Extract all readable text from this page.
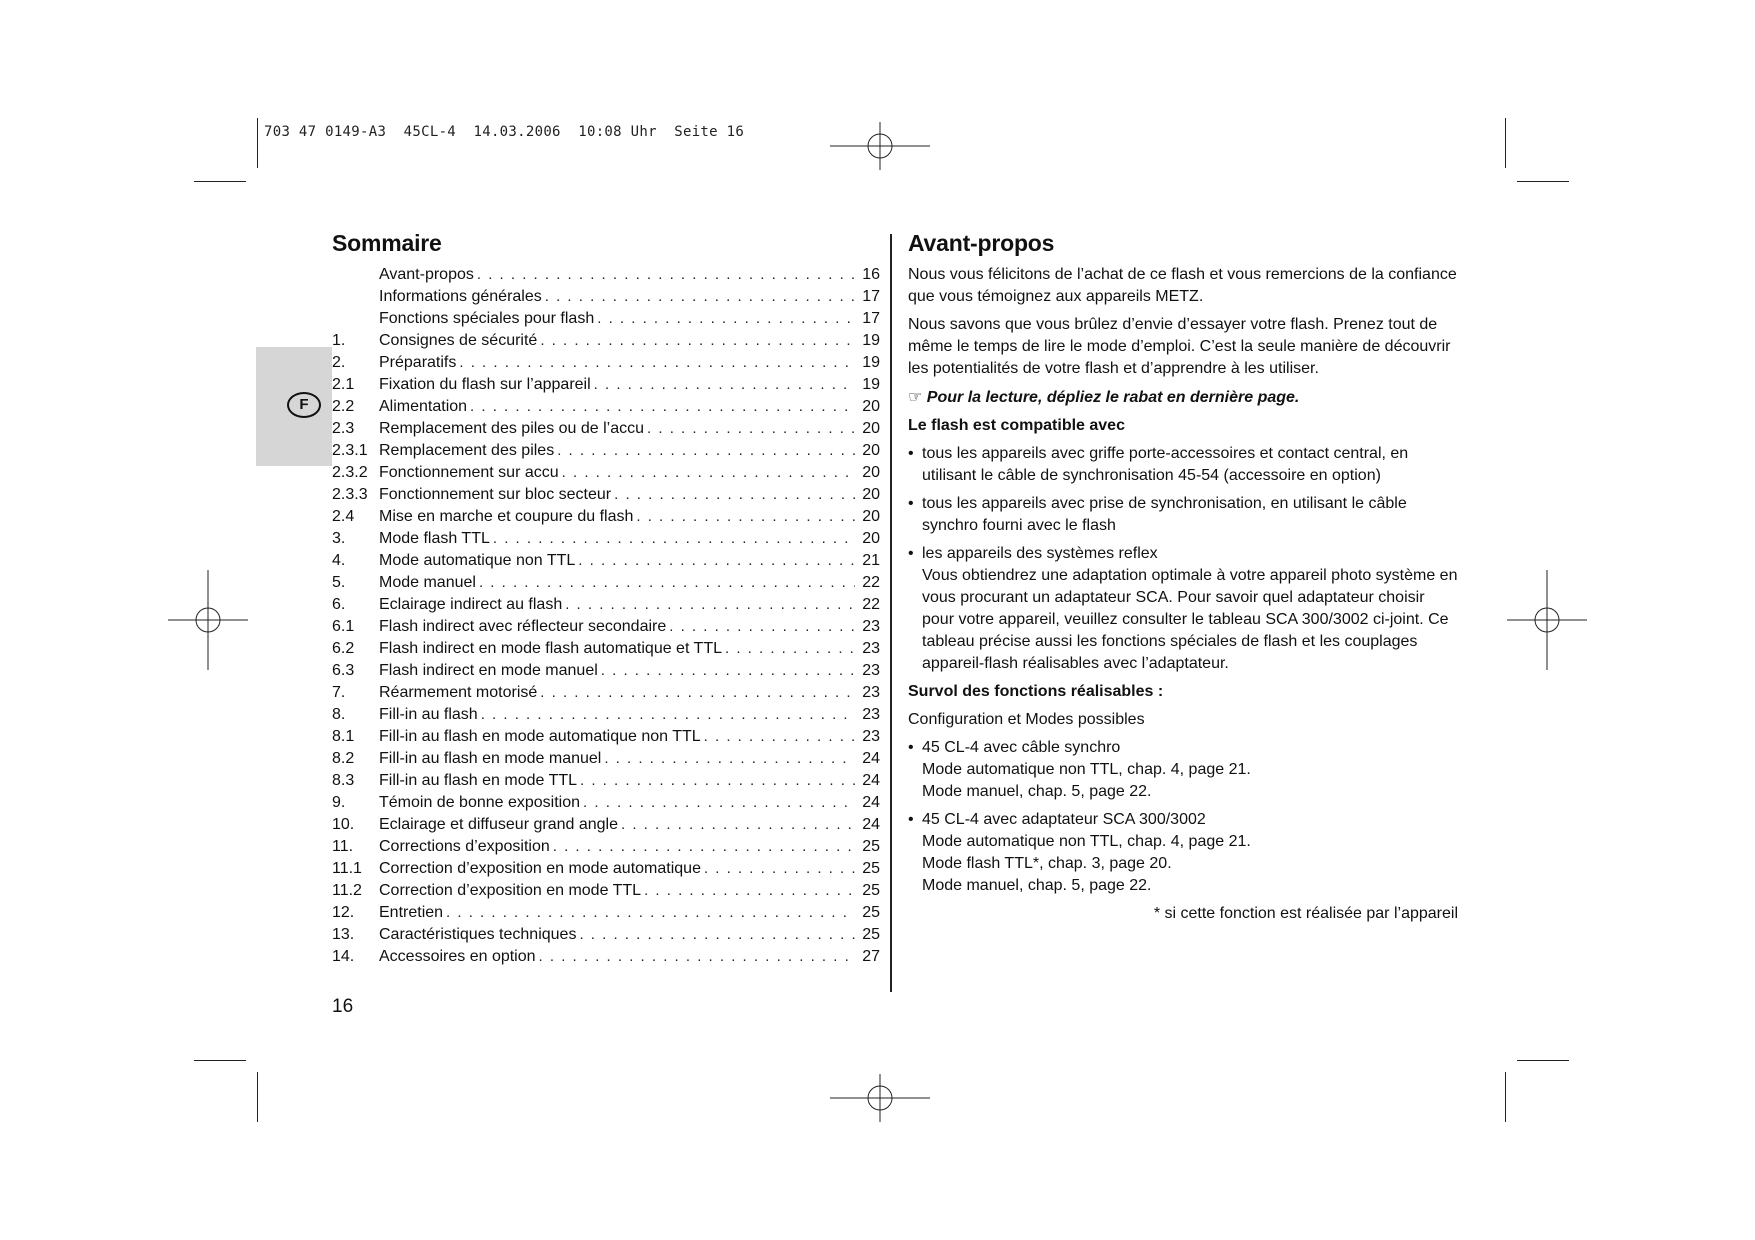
703 47 0149-A3  45CL-4  14.03.2006  10:08 Uhr  Seite 16
F
Sommaire
Avant-propos . . .	16
Informations générales . . .	17
Fonctions spéciales pour flash . . .	17
1.	Consignes de sécurité . . .	19
2.	Préparatifs . . .	19
2.1	Fixation du flash sur l’appareil . . .	19
2.2	Alimentation . . .	20
2.3	Remplacement des piles ou de l’accu . . .	20
2.3.1 Remplacement des piles . . .	20
2.3.2 Fonctionnement sur accu . . .	20
2.3.3 Fonctionnement sur bloc secteur . . .	20
2.4	Mise en marche et coupure du flash . . .	20
3.	Mode flash TTL . . .	20
4.	Mode automatique non TTL . . .	21
5.	Mode manuel . . .	22
6.	Eclairage indirect au flash . . .	22
6.1	Flash indirect avec réflecteur secondaire . . .	23
6.2	Flash indirect en mode flash automatique et TTL . . .	23
6.3	Flash indirect en mode manuel . . .	23
7.	Réarmement motorisé . . .	23
8.	Fill-in au flash . . .	23
8.1	Fill-in au flash en mode automatique non TTL . . .	23
8.2	Fill-in au flash en mode manuel . . .	24
8.3	Fill-in au flash en mode TTL . . .	24
9.	Témoin de bonne exposition . . .	24
10.	Eclairage et diffuseur grand angle . . .	24
11.	Corrections d’exposition . . .	25
11.1	Correction d’exposition en mode automatique . . .	25
11.2	Correction d’exposition en mode TTL . . .	25
12.	Entretien . . .	25
13.	Caractéristiques techniques . . .	25
14.	Accessoires en option . . .	27
Avant-propos

Nous vous félicitons de l’achat de ce flash et vous remercions de la confiance que vous témoignez aux appareils METZ.

Nous savons que vous brûlez d’envie d’essayer votre flash. Prenez tout de même le temps de lire le mode d’emploi. C’est la seule manière de découvrir les potentialités de votre flash et d’apprendre à les utiliser.

☞ Pour la lecture, dépliez le rabat en dernière page.

Le flash est compatible avec
• tous les appareils avec griffe porte-accessoires et contact central, en utilisant le câble de synchronisation 45-54 (accessoire en option)
• tous les appareils avec prise de synchronisation, en utilisant le câble synchro fourni avec le flash
• les appareils des systèmes reflex
Vous obtiendrez une adaptation optimale à votre appareil photo système en vous procurant un adaptateur SCA. Pour savoir quel adaptateur choisir pour votre appareil, veuillez consulter le tableau SCA 300/3002 ci-joint. Ce tableau précise aussi les fonctions spéciales de flash et les couplages appareil-flash réalisables avec l’adaptateur.
Survol des fonctions réalisables :

Configuration et Modes possibles

• 45 CL-4 avec câble synchro
Mode automatique non TTL, chap. 4, page 21.
Mode manuel, chap. 5, page 22.
• 45 CL-4 avec adaptateur SCA 300/3002
Mode automatique non TTL, chap. 4, page 21.
Mode flash TTL*, chap. 3, page 20.
Mode manuel, chap. 5, page 22.

* si cette fonction est réalisée par l’appareil

16
